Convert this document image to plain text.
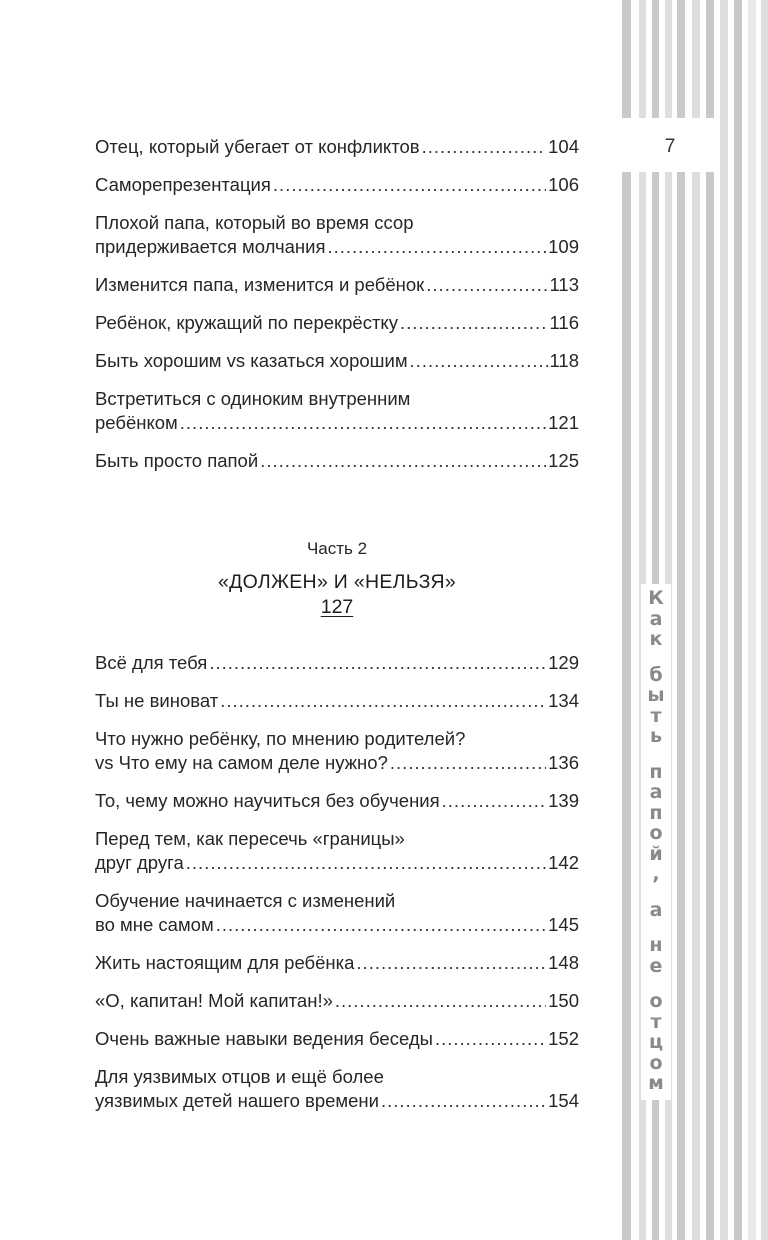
7
К
а
к
б
ы
т
ь
п
а
п
о
й
,
а
н
е
о
т
ц
о
м
Отец, который убегает от конфликтов .....	104
Саморепрезентация .....	106
Плохой папа, который во время ссор
придерживается молчания .....	109
Изменится папа, изменится и ребёнок .....	113
Ребёнок, кружащий по перекрёстку .....	116
Быть хорошим vs казаться хорошим .....	118
Встретиться с одиноким внутренним
ребёнком .....	121
Быть просто папой .....	125
Часть 2
«ДОЛЖЕН» И «НЕЛЬЗЯ»
127
Всё для тебя .....	129
Ты не виноват .....	134
Что нужно ребёнку, по мнению родителей?
vs Что ему на самом деле нужно? .....	136
То, чему можно научиться без обучения .....	139
Перед тем, как пересечь «границы»
друг друга .....	142
Обучение начинается с изменений
во мне самом .....	145
Жить настоящим для ребёнка .....	148
«О, капитан! Мой капитан!» .....	150
Очень важные навыки ведения беседы .....	152
Для уязвимых отцов и ещё более
уязвимых детей нашего времени .....	154
